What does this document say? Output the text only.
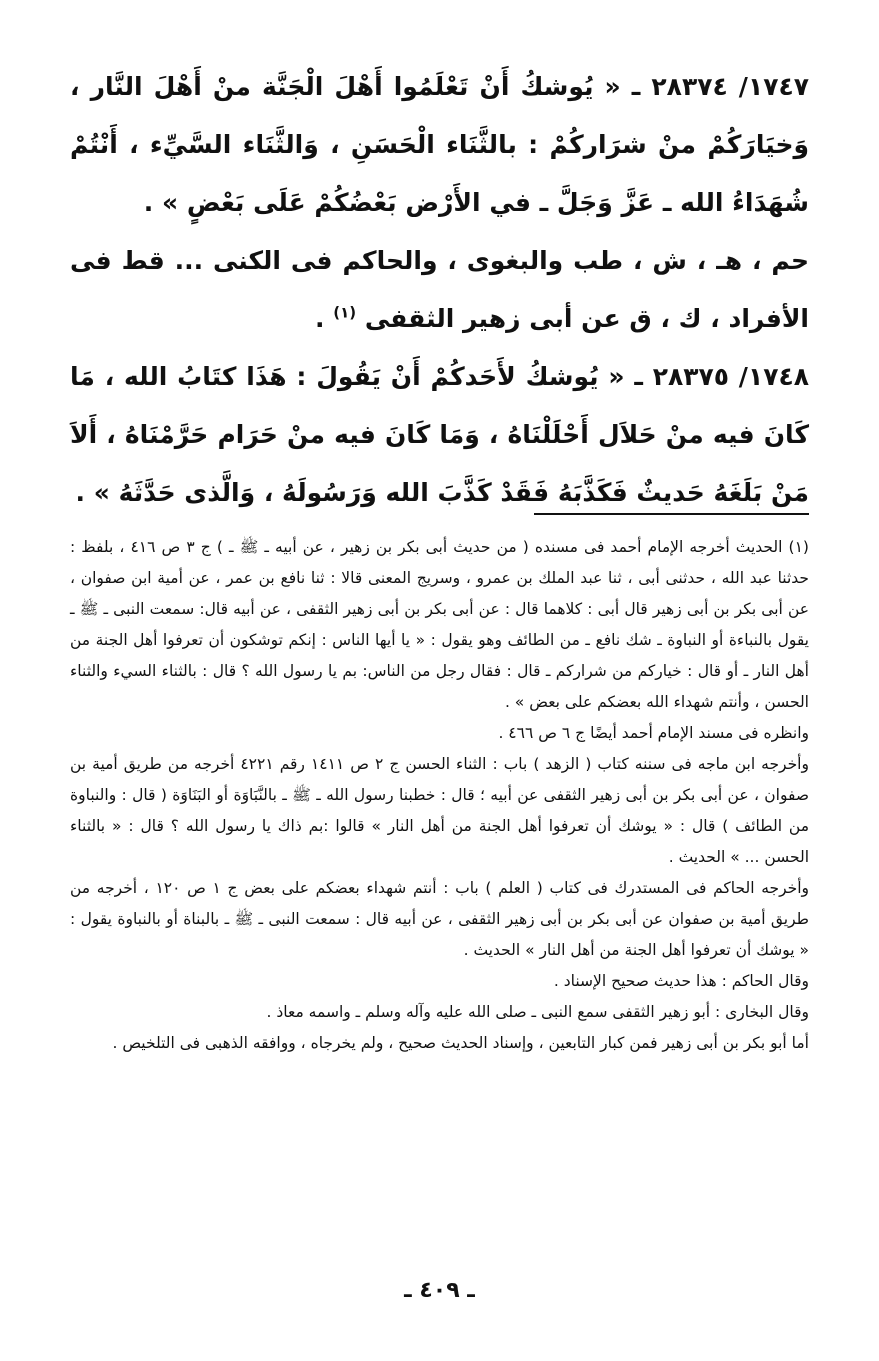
١٧٤٧/ ٢٨٣٧٤ ـ « يُوشكُ أَنْ تَعْلَمُوا أَهْلَ الْجَنَّة منْ أَهْلَ النَّار ، وَخيَارَكُمْ منْ شرَاركُمْ : بالثَّنَاء الْحَسَنِ ، وَالثَّنَاء السَّيِّء ، أَنْتُمْ شُهَدَاءُ الله ـ عَزَّ وَجَلَّ ـ في الأَرْض بَعْضُكُمْ عَلَى بَعْضٍ » .

حم ، هـ ، ش ، طب والبغوى ، والحاكم فى الكنى ... قط فى الأفراد ، ك ، ق عن أبى زهير الثقفى $^{(١)}$ .

١٧٤٨/ ٢٨٣٧٥ ـ « يُوشكُ لأَحَدكُمْ أَنْ يَقُولَ : هَذَا كتَابُ الله ، مَا كَانَ فيه منْ حَلاَل أَحْلَلْنَاهُ ، وَمَا كَانَ فيه منْ حَرَام حَرَّمْنَاهُ ، أَلاَ مَنْ بَلَغَهُ حَديثٌ فَكَذَّبَهُ فَقَدْ كَذَّبَ الله وَرَسُولَهُ ، وَالَّذى حَدَّثَهُ » .

(١) الحديث أخرجه الإمام أحمد فى مسنده ( من حديث أبى بكر بن زهير ، عن أبيه ـ ﷺ ـ ) ج ٣ ص ٤١٦ ، بلفظ : حدثنا عبد الله ، حدثنى أبى ، ثنا عبد الملك بن عمرو ، وسريج المعنى قالا : ثنا نافع بن عمر ، عن أمية ابن صفوان ، عن أبى بكر بن أبى زهير قال أبى : كلاهما قال : عن أبى بكر بن أبى زهير الثقفى ، عن أبيه قال: سمعت النبى ـ ﷺ ـ يقول بالنباءة أو النباوة ـ شك نافع ـ من الطائف وهو يقول : « يا أيها الناس : إنكم توشكون أن تعرفوا أهل الجنة من أهل النار ـ أو قال : خياركم من شراركم ـ قال : فقال رجل من الناس: بم يا رسول الله ؟ قال : بالثناء السيء والثناء الحسن ، وأنتم شهداء الله بعضكم على بعض » .

وانظره فى مسند الإمام أحمد أيضًا ج ٦ ص ٤٦٦ .

وأخرجه ابن ماجه فى سننه كتاب ( الزهد ) باب : الثناء الحسن ج ٢ ص ١٤١١ رقم ٤٢٢١ أخرجه من طريق أمية بن صفوان ، عن أبى بكر بن أبى زهير الثقفى عن أبيه ؛ قال : خطبنا رسول الله ـ ﷺ ـ بالنَّبَاوَة أو البَنَاوَة ( قال : والنباوة من الطائف ) قال : « يوشك أن تعرفوا أهل الجنة من أهل النار » قالوا :بم ذاك يا رسول الله ؟ قال : « بالثناء الحسن ... » الحديث .

وأخرجه الحاكم فى المستدرك فى كتاب ( العلم ) باب : أنتم شهداء بعضكم على بعض ج ١ ص ١٢٠ ، أخرجه من طريق أمية بن صفوان عن أبى بكر بن أبى زهير الثقفى ، عن أبيه قال : سمعت النبى ـ ﷺ ـ بالبناة أو بالنباوة يقول : « يوشك أن تعرفوا أهل الجنة من أهل النار » الحديث .

وقال الحاكم : هذا حديث صحيح الإسناد .

وقال البخارى : أبو زهير الثقفى سمع النبى ـ صلى الله عليه وآله وسلم ـ واسمه معاذ .

أما أبو بكر بن أبى زهير فمن كبار التابعين ، وإسناد الحديث صحيح ، ولم يخرجاه ، ووافقه الذهبى فى التلخيص .

ـ ٤٠٩ ـ
